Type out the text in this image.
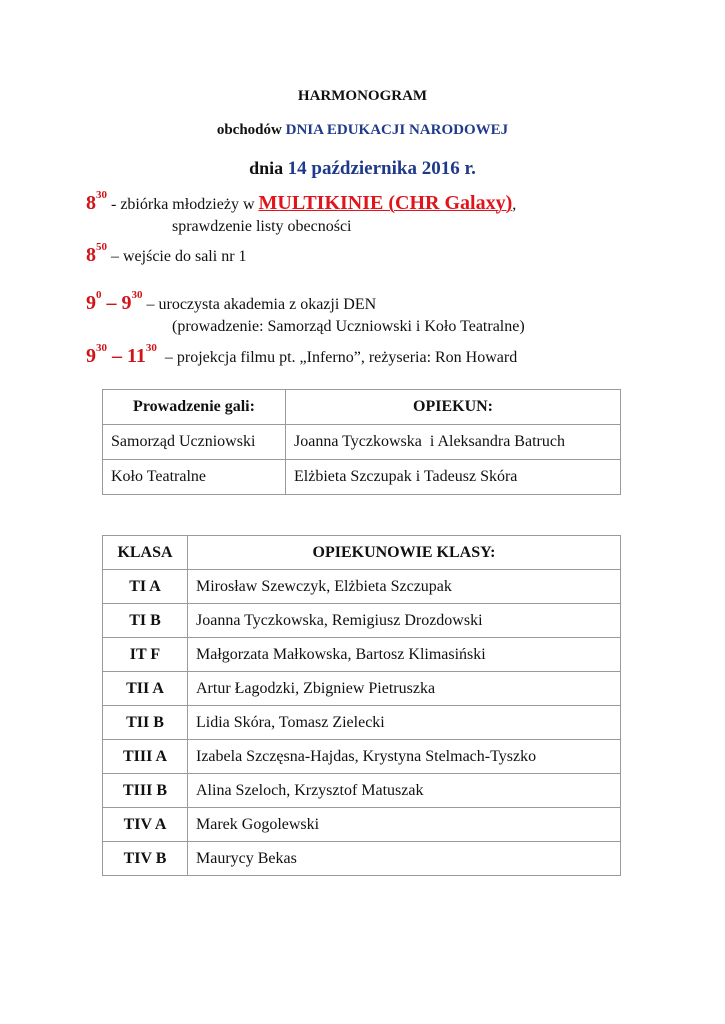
HARMONOGRAM
obchodów DNIA EDUKACJI NARODOWEJ
dnia 14 października 2016 r.
$8^{30}$ - zbiórka młodzieży w MULTIKINIE (CHR Galaxy),
sprawdzenie listy obecności
$8^{50}$ – wejście do sali nr 1
$9^0 - 9^{30}$ – uroczysta akademia z okazji DEN
(prowadzenie: Samorząd Uczniowski i Koło Teatralne)
$9^{30} - 11^{30}$  – projekcja filmu pt. „Inferno”, reżyseria: Ron Howard
Prowadzenie gali:	OPIEKUN:
Samorząd Uczniowski	Joanna Tyczkowska  i Aleksandra Batruch
Koło Teatralne	Elżbieta Szczupak i Tadeusz Skóra
KLASA	OPIEKUNOWIE KLASY:
TI A	Mirosław Szewczyk, Elżbieta Szczupak
TI B	Joanna Tyczkowska, Remigiusz Drozdowski
IT F	Małgorzata Małkowska, Bartosz Klimasiński
TII A	Artur Łagodzki, Zbigniew Pietruszka
TII B	Lidia Skóra, Tomasz Zielecki
TIII A	Izabela Szczęsna-Hajdas, Krystyna Stelmach-Tyszko
TIII B	Alina Szeloch, Krzysztof Matuszak
TIV A	Marek Gogolewski
TIV B	Maurycy Bekas
